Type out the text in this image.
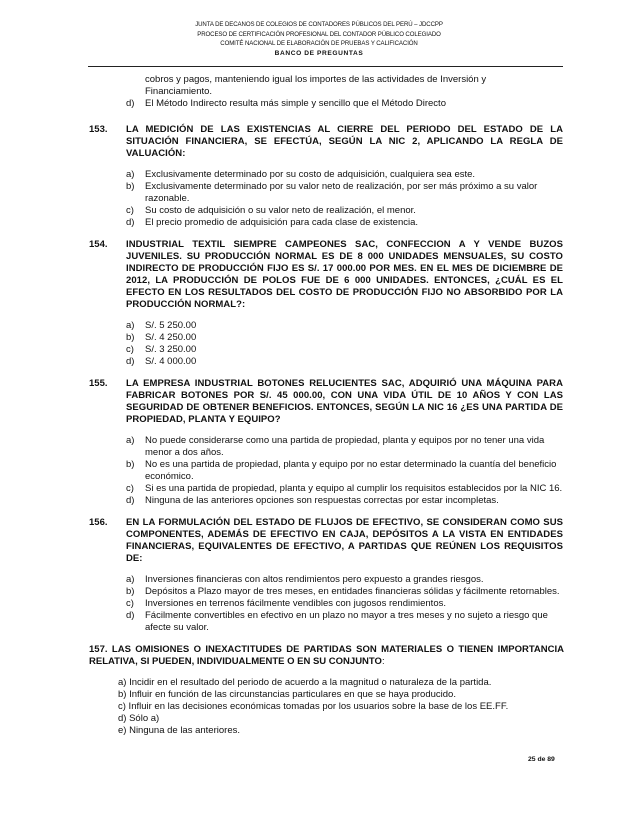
JUNTA DE DECANOS DE COLEGIOS DE CONTADORES PÚBLICOS DEL PERÚ – JDCCPP
PROCESO DE CERTIFICACIÓN PROFESIONAL DEL CONTADOR PÚBLICO COLEGIADO
COMITÉ NACIONAL DE ELABORACIÓN DE PRUEBAS Y CALIFICACIÓN
BANCO DE PREGUNTAS
cobros y pagos, manteniendo igual los importes de las actividades de Inversión y
Financiamiento.
d)	El Método Indirecto resulta más simple y sencillo que el Método Directo
153. LA MEDICIÓN DE LAS EXISTENCIAS AL CIERRE DEL PERIODO DEL ESTADO DE LA SITUACIÓN FINANCIERA, SE EFECTÚA, SEGÚN LA NIC 2, APLICANDO LA REGLA DE VALUACIÓN:
a)	Exclusivamente determinado por su costo de adquisición, cualquiera sea este.
b)	Exclusivamente determinado por su valor neto de realización, por ser más próximo a su valor razonable.
c)	Su costo de adquisición o su valor neto de realización, el menor.
d)	El precio promedio de adquisición para cada clase de existencia.
154. INDUSTRIAL TEXTIL SIEMPRE CAMPEONES SAC, CONFECCION A Y VENDE BUZOS JUVENILES. SU PRODUCCIÓN NORMAL ES DE 8 000 UNIDADES MENSUALES, SU COSTO INDIRECTO DE PRODUCCIÓN FIJO ES S/. 17 000.00 POR MES. EN EL MES DE DICIEMBRE DE 2012, LA PRODUCCIÓN DE POLOS FUE DE 6 000 UNIDADES. ENTONCES, ¿CUÁL ES EL EFECTO EN LOS RESULTADOS DEL COSTO DE PRODUCCIÓN FIJO NO ABSORBIDO POR LA PRODUCCIÓN NORMAL?:
a)	S/. 5 250.00
b)	S/. 4 250.00
c)	S/. 3 250.00
d)	S/. 4 000.00
155. LA EMPRESA INDUSTRIAL BOTONES RELUCIENTES SAC, ADQUIRIÓ UNA MÁQUINA PARA FABRICAR BOTONES POR S/. 45 000.00, CON UNA VIDA ÚTIL DE 10 AÑOS Y CON LAS SEGURIDAD DE OBTENER BENEFICIOS. ENTONCES, SEGÚN LA NIC 16 ¿ES UNA PARTIDA DE PROPIEDAD, PLANTA Y EQUIPO?
a)	No puede considerarse como una partida de propiedad, planta y equipos por no tener una vida menor a dos años.
b)	No es una partida de propiedad, planta y equipo por no estar determinado la cuantía del beneficio económico.
c)	Si es una partida de propiedad, planta y equipo al cumplir los requisitos establecidos por la NIC 16.
d)	Ninguna de las anteriores opciones son respuestas correctas por estar incompletas.
156. EN LA FORMULACIÓN DEL ESTADO DE FLUJOS DE EFECTIVO, SE CONSIDERAN COMO SUS COMPONENTES, ADEMÁS DE EFECTIVO EN CAJA, DEPÓSITOS A LA VISTA EN ENTIDADES FINANCIERAS, EQUIVALENTES DE EFECTIVO, A PARTIDAS QUE REÚNEN LOS REQUISITOS DE:
a)	Inversiones financieras con altos rendimientos pero expuesto a grandes riesgos.
b)	Depósitos a Plazo mayor de tres meses, en entidades financieras sólidas y fácilmente retornables.
c)	Inversiones en terrenos fácilmente vendibles con jugosos rendimientos.
d)	Fácilmente convertibles en efectivo en un plazo no mayor a tres meses y no sujeto a riesgo que afecte su valor.
157. LAS OMISIONES O INEXACTITUDES DE PARTIDAS SON MATERIALES O TIENEN IMPORTANCIA RELATIVA, SI PUEDEN, INDIVIDUALMENTE O EN SU CONJUNTO:
a) Incidir en el resultado del periodo de acuerdo a la magnitud o naturaleza de la partida.
b) Influir en función de las circunstancias particulares en que se haya producido.
c) Influir en las decisiones económicas tomadas por los usuarios sobre la base de los EE.FF.
d) Sólo a)
e) Ninguna de las anteriores.
25 de 89
